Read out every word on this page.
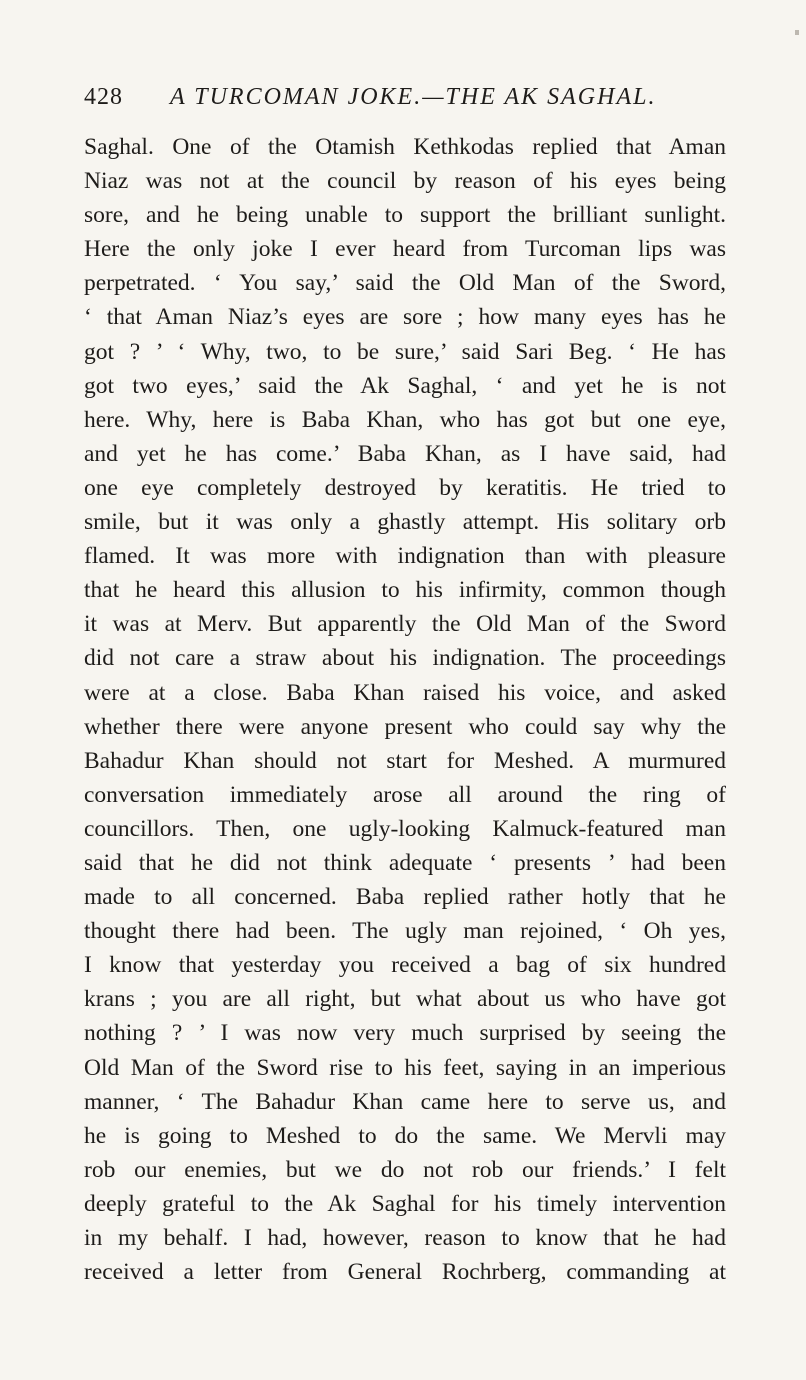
428 A TURCOMAN JOKE.—THE AK SAGHAL.
Saghal. One of the Otamish Kethkodas replied that Aman
Niaz was not at the council by reason of his eyes being
sore, and he being unable to support the brilliant sunlight.
Here the only joke I ever heard from Turcoman lips was
perpetrated. ‘ You say,’ said the Old Man of the Sword,
‘ that Aman Niaz’s eyes are sore ; how many eyes has he
got ? ’ ‘ Why, two, to be sure,’ said Sari Beg. ‘ He has
got two eyes,’ said the Ak Saghal, ‘ and yet he is not
here. Why, here is Baba Khan, who has got but one eye,
and yet he has come.’ Baba Khan, as I have said, had
one eye completely destroyed by keratitis. He tried to
smile, but it was only a ghastly attempt. His solitary orb
flamed. It was more with indignation than with pleasure
that he heard this allusion to his infirmity, common though
it was at Merv. But apparently the Old Man of the Sword
did not care a straw about his indignation. The proceedings
were at a close. Baba Khan raised his voice, and asked
whether there were anyone present who could say why the
Bahadur Khan should not start for Meshed. A murmured
conversation immediately arose all around the ring of
councillors. Then, one ugly-looking Kalmuck-featured man
said that he did not think adequate ‘ presents ’ had been
made to all concerned. Baba replied rather hotly that he
thought there had been. The ugly man rejoined, ‘ Oh yes,
I know that yesterday you received a bag of six hundred
krans ; you are all right, but what about us who have got
nothing ? ’ I was now very much surprised by seeing the
Old Man of the Sword rise to his feet, saying in an imperious
manner, ‘ The Bahadur Khan came here to serve us, and
he is going to Meshed to do the same. We Mervli may
rob our enemies, but we do not rob our friends.’ I felt
deeply grateful to the Ak Saghal for his timely intervention
in my behalf. I had, however, reason to know that he had
received a letter from General Rochrberg, commanding at
